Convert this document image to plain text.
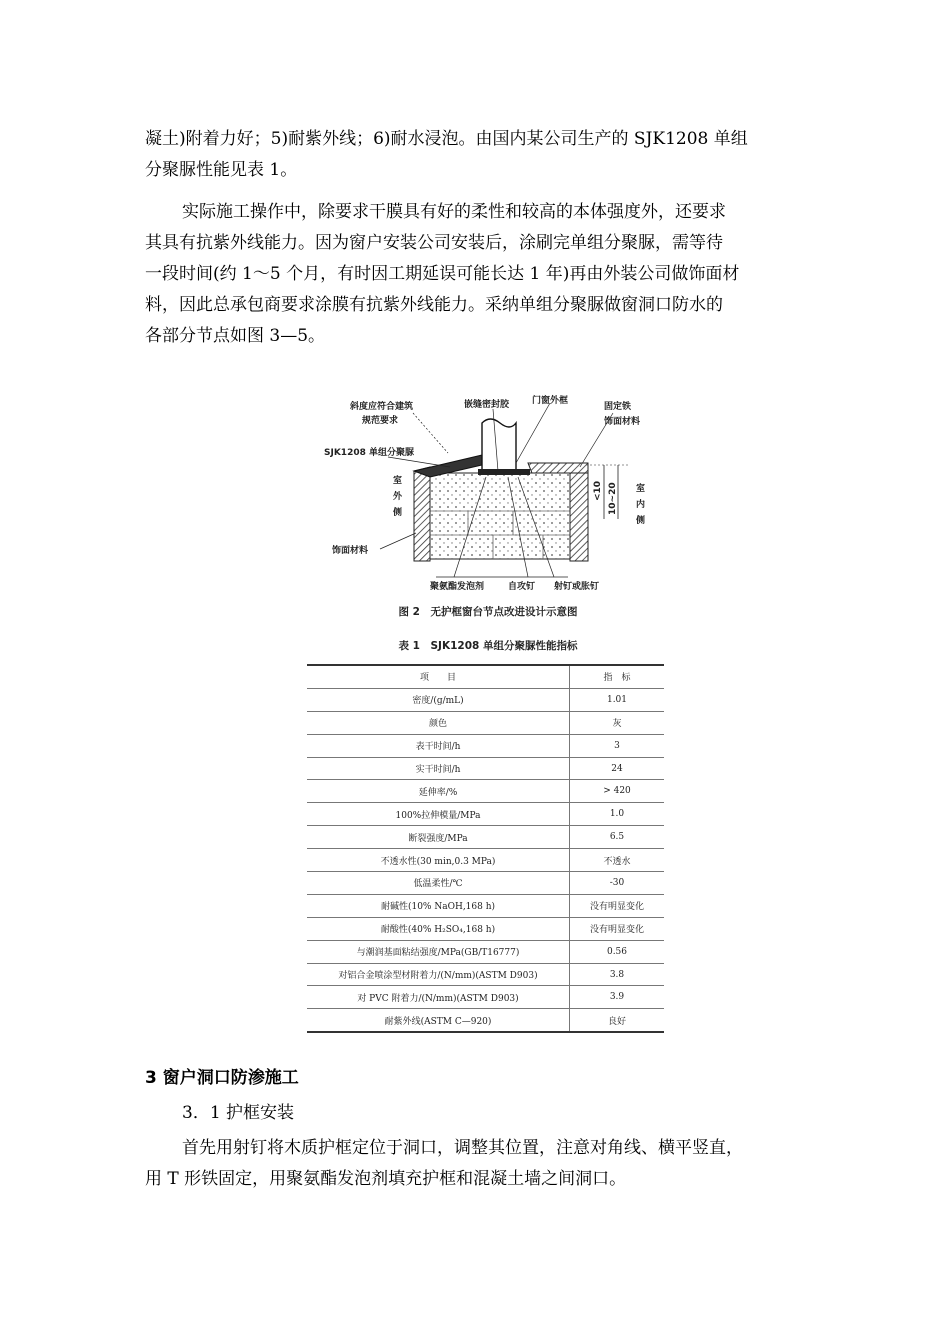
凝土)附着力好；5)耐紫外线；6)耐水浸泡。由国内某公司生产的 SJK1208 单组
分聚脲性能见表 1。
实际施工操作中，除要求干膜具有好的柔性和较高的本体强度外，还要求
其具有抗紫外线能力。因为窗户安装公司安装后，涂刷完单组分聚脲，需等待
一段时间(约 1～5 个月，有时因工期延误可能长达 1 年)再由外装公司做饰面材
料，因此总承包商要求涂膜有抗紫外线能力。采纳单组分聚脲做窗洞口防水的
各部分节点如图 3—5。
斜度应符合建筑
规范要求
嵌缝密封胶	门窗外框
固定铁
饰面材料
SJK1208 单组分聚脲
室
外
侧
饰面材料
室
内
侧
<10 10~20
聚氨酯发泡剂	自攻钉 射钉或胀钉
图 2　无护框窗台节点改进设计示意图
表 1　SJK1208 单组分聚脲性能指标
项　　目	指　标
密度/(g/mL)	1.01
颜色	灰
表干时间/h	3
实干时间/h	24
延伸率/%	> 420
100%拉伸模量/MPa	1.0
断裂强度/MPa	6.5
不透水性(30 min,0.3 MPa)	不透水
低温柔性/℃	-30
耐碱性(10% NaOH,168 h)	没有明显变化
耐酸性(40% H₂SO₄,168 h)	没有明显变化
与潮润基面粘结强度/MPa(GB/T16777)	0.56
对铝合金喷涂型材附着力/(N/mm)(ASTM D903)	3.8
对 PVC 附着力/(N/mm)(ASTM D903)	3.9
耐紫外线(ASTM C—920)	良好
3 窗户洞口防渗施工
3．1 护框安装
首先用射钉将木质护框定位于洞口，调整其位置，注意对角线、横平竖直，
用 T 形铁固定，用聚氨酯发泡剂填充护框和混凝土墙之间洞口。
